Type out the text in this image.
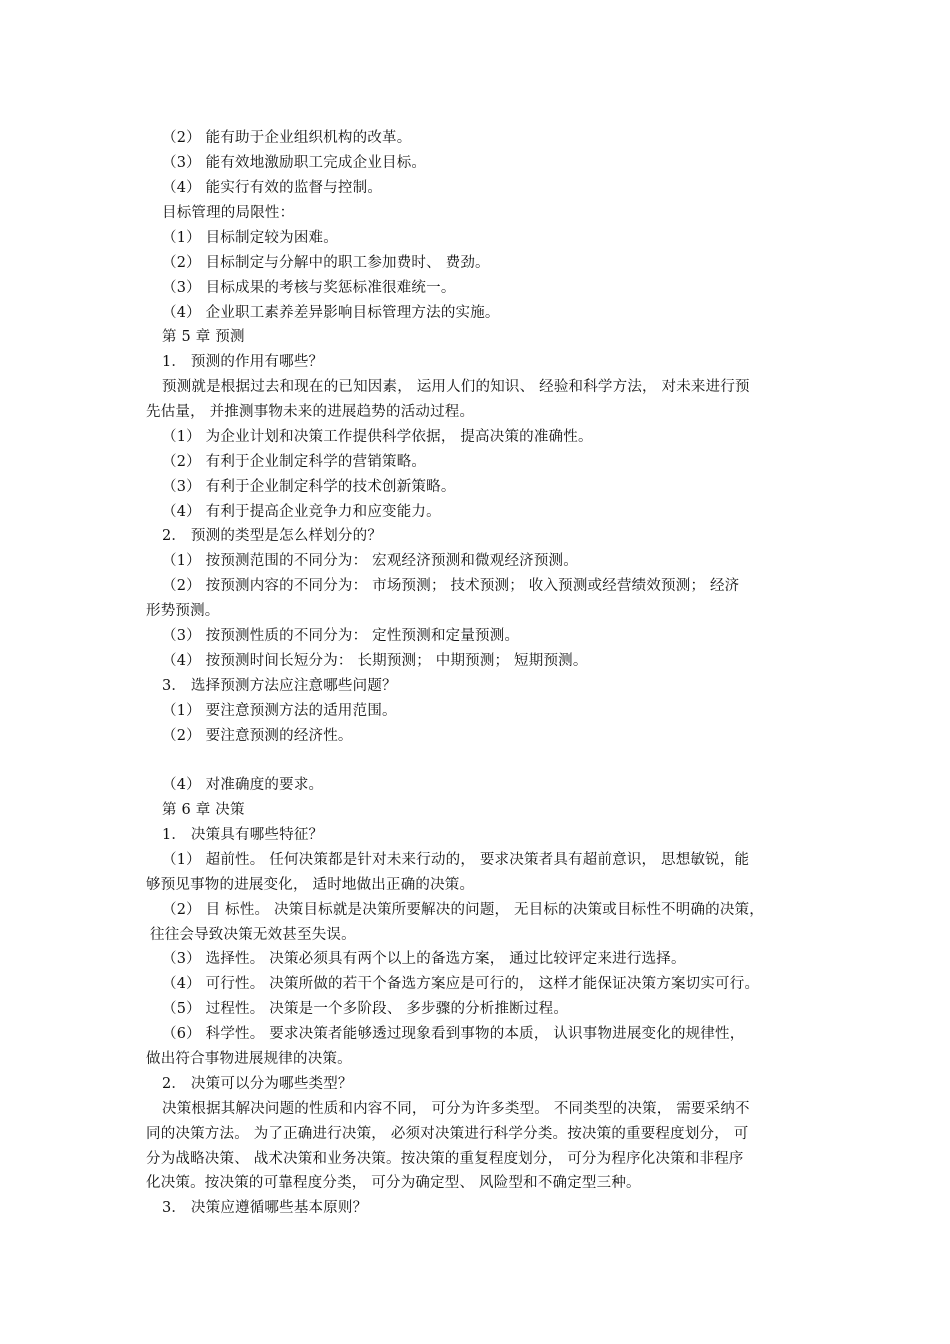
（2） 能有助于企业组织机构的改革。
（3） 能有效地激励职工完成企业目标。
（4） 能实行有效的监督与控制。
目标管理的局限性：
（1） 目标制定较为困难。
（2） 目标制定与分解中的职工参加费时、 费劲。
（3） 目标成果的考核与奖惩标准很难统一。
（4） 企业职工素养差异影响目标管理方法的实施。
第 5 章 预测
1． 预测的作用有哪些？
预测就是根据过去和现在的已知因素， 运用人们的知识、 经验和科学方法， 对未来进行预
先估量， 并推测事物未来的进展趋势的活动过程。
（1） 为企业计划和决策工作提供科学依据， 提高决策的准确性。
（2） 有利于企业制定科学的营销策略。
（3） 有利于企业制定科学的技术创新策略。
（4） 有利于提高企业竞争力和应变能力。
2． 预测的类型是怎么样划分的？
（1） 按预测范围的不同分为： 宏观经济预测和微观经济预测。
（2） 按预测内容的不同分为： 市场预测； 技术预测； 收入预测或经营绩效预测； 经济
形势预测。
（3） 按预测性质的不同分为： 定性预测和定量预测。
（4） 按预测时间长短分为： 长期预测； 中期预测； 短期预测。
3． 选择预测方法应注意哪些问题？
（1） 要注意预测方法的适用范围。
（2） 要注意预测的经济性。
（4） 对准确度的要求。
第 6 章 决策
1． 决策具有哪些特征？
（1） 超前性。 任何决策都是针对未来行动的， 要求决策者具有超前意识， 思想敏锐，能
够预见事物的进展变化， 适时地做出正确的决策。
（2） 目 标性。 决策目标就是决策所要解决的问题， 无目标的决策或目标性不明确的决策，
往往会导致决策无效甚至失误。
（3） 选择性。 决策必须具有两个以上的备选方案， 通过比较评定来进行选择。
（4） 可行性。 决策所做的若干个备选方案应是可行的， 这样才能保证决策方案切实可行。
（5） 过程性。 决策是一个多阶段、 多步骤的分析推断过程。
（6） 科学性。 要求决策者能够透过现象看到事物的本质， 认识事物进展变化的规律性，
做出符合事物进展规律的决策。
2． 决策可以分为哪些类型？
决策根据其解决问题的性质和内容不同， 可分为许多类型。 不同类型的决策， 需要采纳不
同的决策方法。 为了正确进行决策， 必须对决策进行科学分类。按决策的重要程度划分， 可
分为战略决策、 战术决策和业务决策。按决策的重复程度划分， 可分为程序化决策和非程序
化决策。按决策的可靠程度分类， 可分为确定型、 风险型和不确定型三种。
3． 决策应遵循哪些基本原则？
